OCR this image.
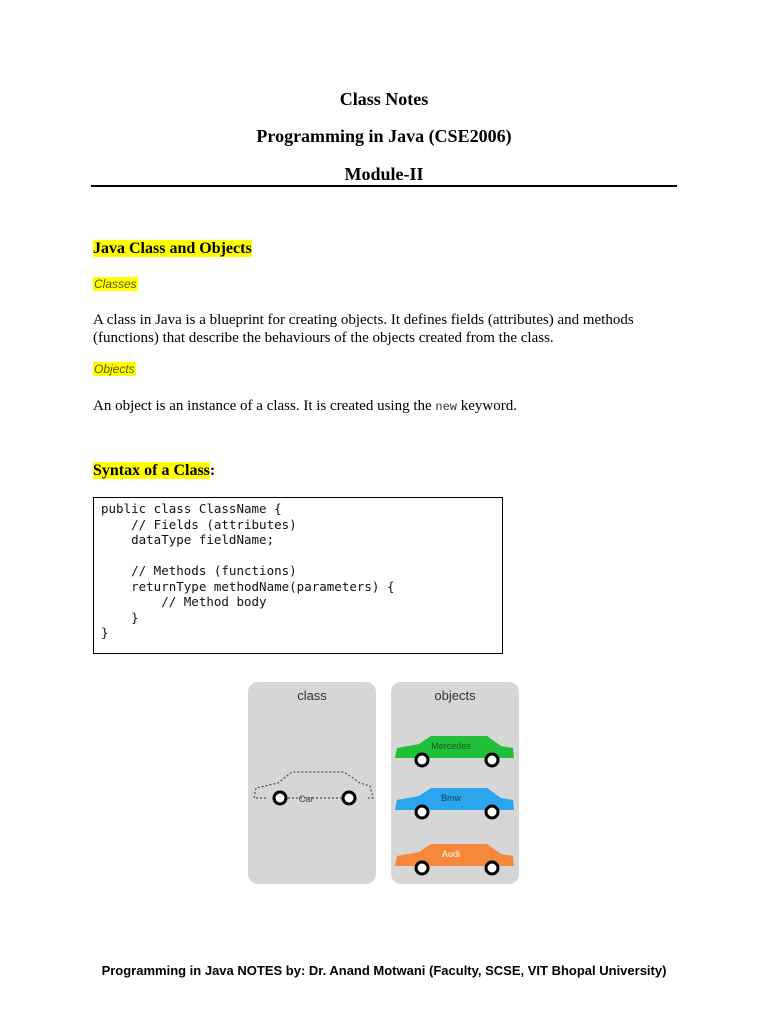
Class Notes
Programming in Java (CSE2006)
Module-II
Java Class and Objects
Classes
A class in Java is a blueprint for creating objects. It defines fields (attributes) and methods (functions) that describe the behaviours of the objects created from the class.
Objects
An object is an instance of a class. It is created using the new keyword.
Syntax of a Class:
public class ClassName {
// Fields (attributes)
dataType fieldName;

// Methods (functions)
returnType methodName(parameters) {
// Method body
}
}
class
Car
objects
Mercedes
Bmw
Audi
Programming in Java NOTES by: Dr. Anand Motwani (Faculty, SCSE, VIT Bhopal University)
